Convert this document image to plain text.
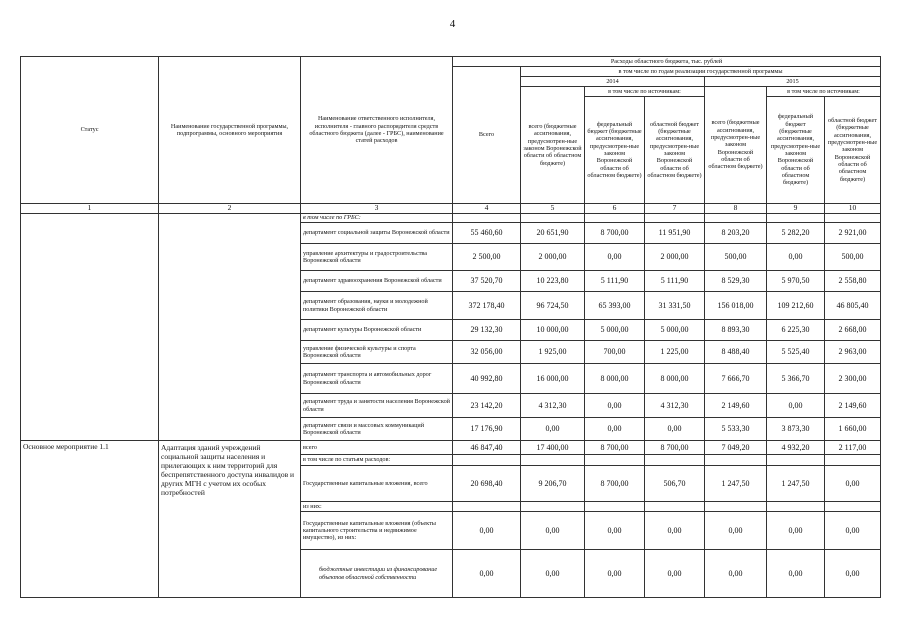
4
Статус	Наименование государственной программы, подпрограммы, основного мероприятия	Наименование ответственного исполнителя, исполнителя - главного распорядителя средств областного бюджета (далее - ГРБС), наименование статей расходов	Расходы областного бюджета, тыс. рублей						
			Всего	в том числе по годам реализации государственной программы					
				2014			2015		
				всего (бюджетные ассигнования, предусмотрен-ные законом Воронежской области об областном бюджете)	в том числе по источникам:		всего (бюджетные ассигнования, предусмотрен-ные законом Воронежской области об областном бюджете)	в том числе по источникам:	
					федеральный бюджет (бюджетные ассигнования, предусмотрен-ные законом Воронежской области об областном бюджете)	областной бюджет (бюджетные ассигнования, предусмотрен-ные законом Воронежской области об областном бюджете)		федеральный бюджет (бюджетные ассигнования, предусмотрен-ные законом Воронежской области об областном бюджете)	областной бюджет (бюджетные ассигнования, предусмотрен-ные законом Воронежской области об областном бюджете)
1	2	3	4	5	6	7	8	9	10
		в том числе по ГРБС:							
		департамент социальной защиты Воронежской области	55 460,60	20 651,90	8 700,00	11 951,90	8 203,20	5 282,20	2 921,00
		управление архитектуры и градостроительства Воронежской области	2 500,00	2 000,00	0,00	2 000,00	500,00	0,00	500,00
		департамент здравоохранения Воронежской области	37 520,70	10 223,80	5 111,90	5 111,90	8 529,30	5 970,50	2 558,80
		департамент образования, науки и молодежной политики Воронежской области	372 178,40	96 724,50	65 393,00	31 331,50	156 018,00	109 212,60	46 805,40
		департамент культуры Воронежской области	29 132,30	10 000,00	5 000,00	5 000,00	8 893,30	6 225,30	2 668,00
		управление физической культуры и спорта Воронежской области	32 056,00	1 925,00	700,00	1 225,00	8 488,40	5 525,40	2 963,00
		департамент транспорта и автомобильных дорог Воронежской области	40 992,80	16 000,00	8 000,00	8 000,00	7 666,70	5 366,70	2 300,00
		департамент труда и занятости населения Воронежской области	23 142,20	4 312,30	0,00	4 312,30	2 149,60	0,00	2 149,60
		департамент связи и массовых коммуникаций Воронежской области	17 176,90	0,00	0,00	0,00	5 533,30	3 873,30	1 660,00
Основное мероприятие 1.1	Адаптация зданий учреждений социальной защиты населения и прилегающих к ним территорий для беспрепятственного доступа инвалидов и других МГН с учетом их особых потребностей	всего	46 847,40	17 400,00	8 700,00	8 700,00	7 049,20	4 932,20	2 117,00
		в том числе по статьям расходов:							
		Государственные капитальные вложения, всего	20 698,40	9 206,70	8 700,00	506,70	1 247,50	1 247,50	0,00
		из них:							
		Государственные капитальные вложения (объекты капитального строительства и недвижимое имущество), из них:	0,00	0,00	0,00	0,00	0,00	0,00	0,00
		бюджетные инвестиции из финансирование объектов областной собственности	0,00	0,00	0,00	0,00	0,00	0,00	0,00
